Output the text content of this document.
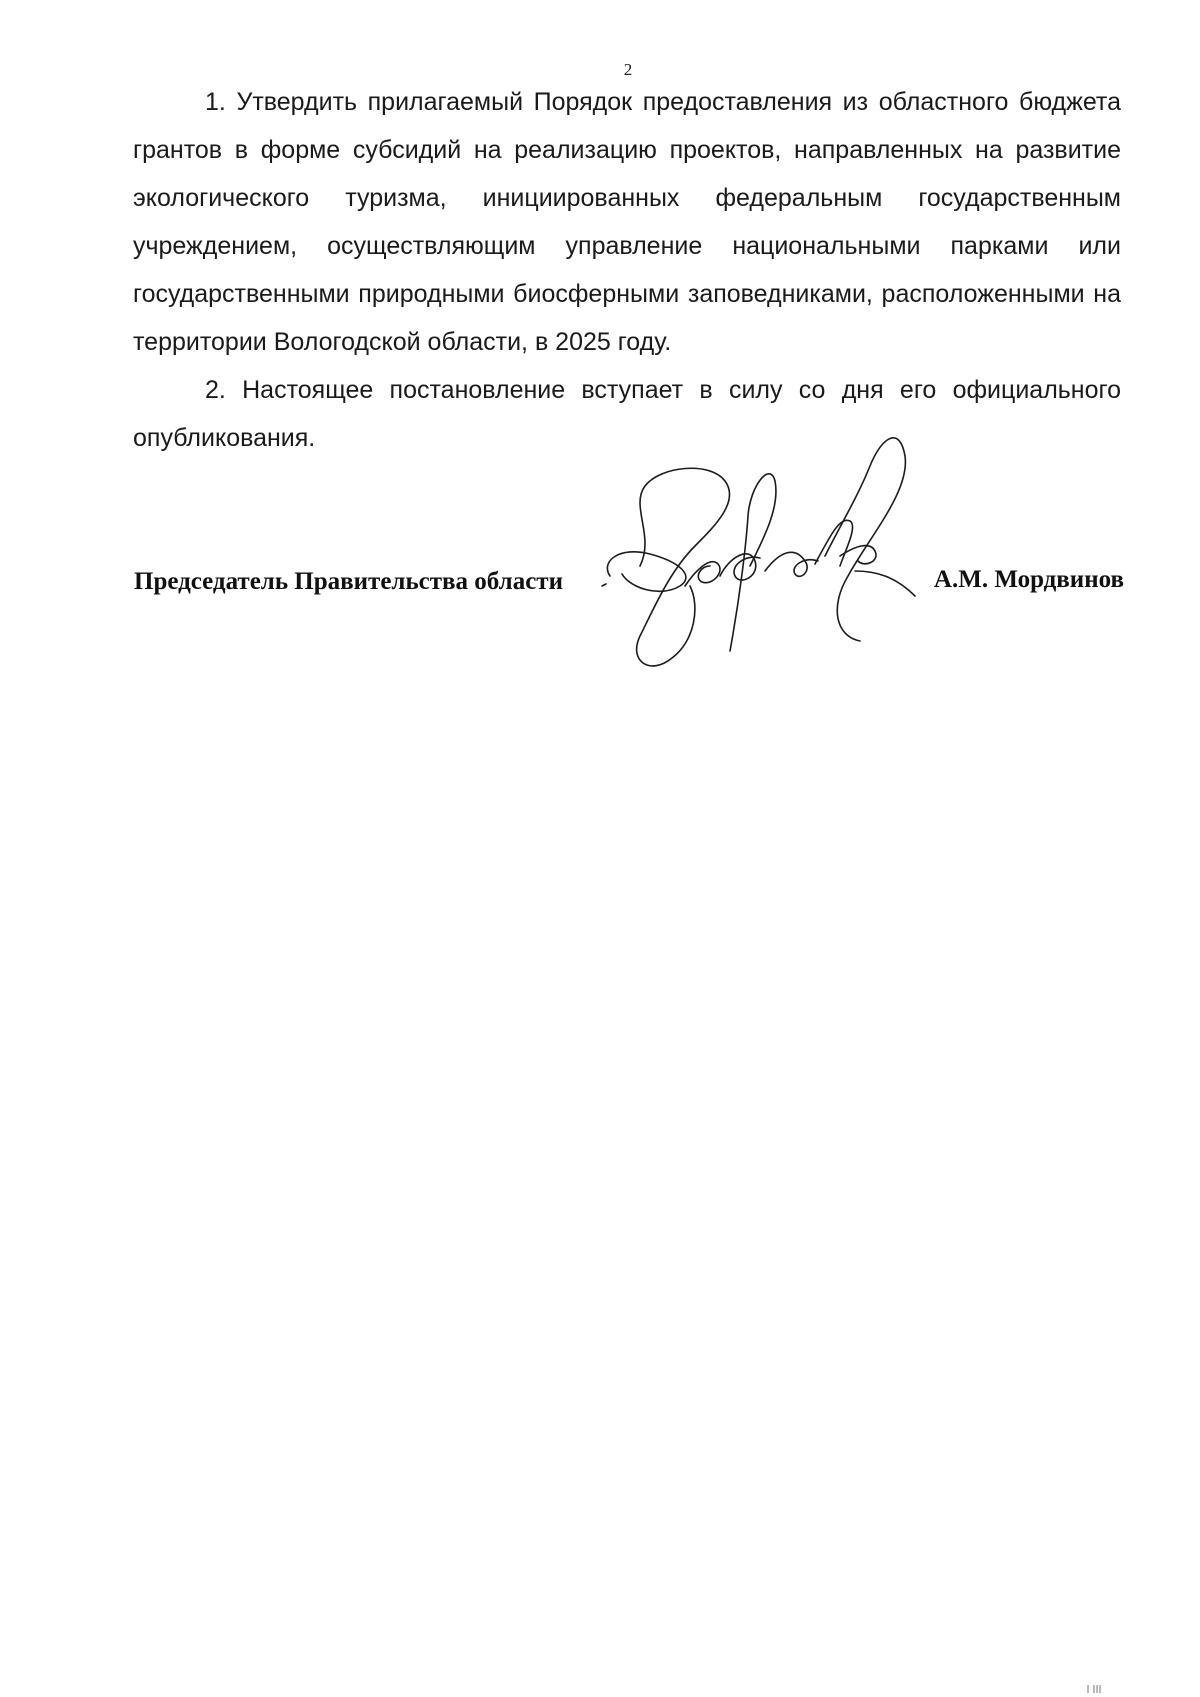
2

1. Утвердить прилагаемый Порядок предоставления из областного бюджета грантов в форме субсидий на реализацию проектов, направленных на развитие экологического туризма, инициированных федеральным государственным учреждением, осуществляющим управление национальными парками или государственными природными биосферными заповедниками, расположенными на территории Вологодской области, в 2025 году.

2. Настоящее постановление вступает в силу со дня его официального опубликования.

Председатель Правительства области	А.М. Мордвинов
